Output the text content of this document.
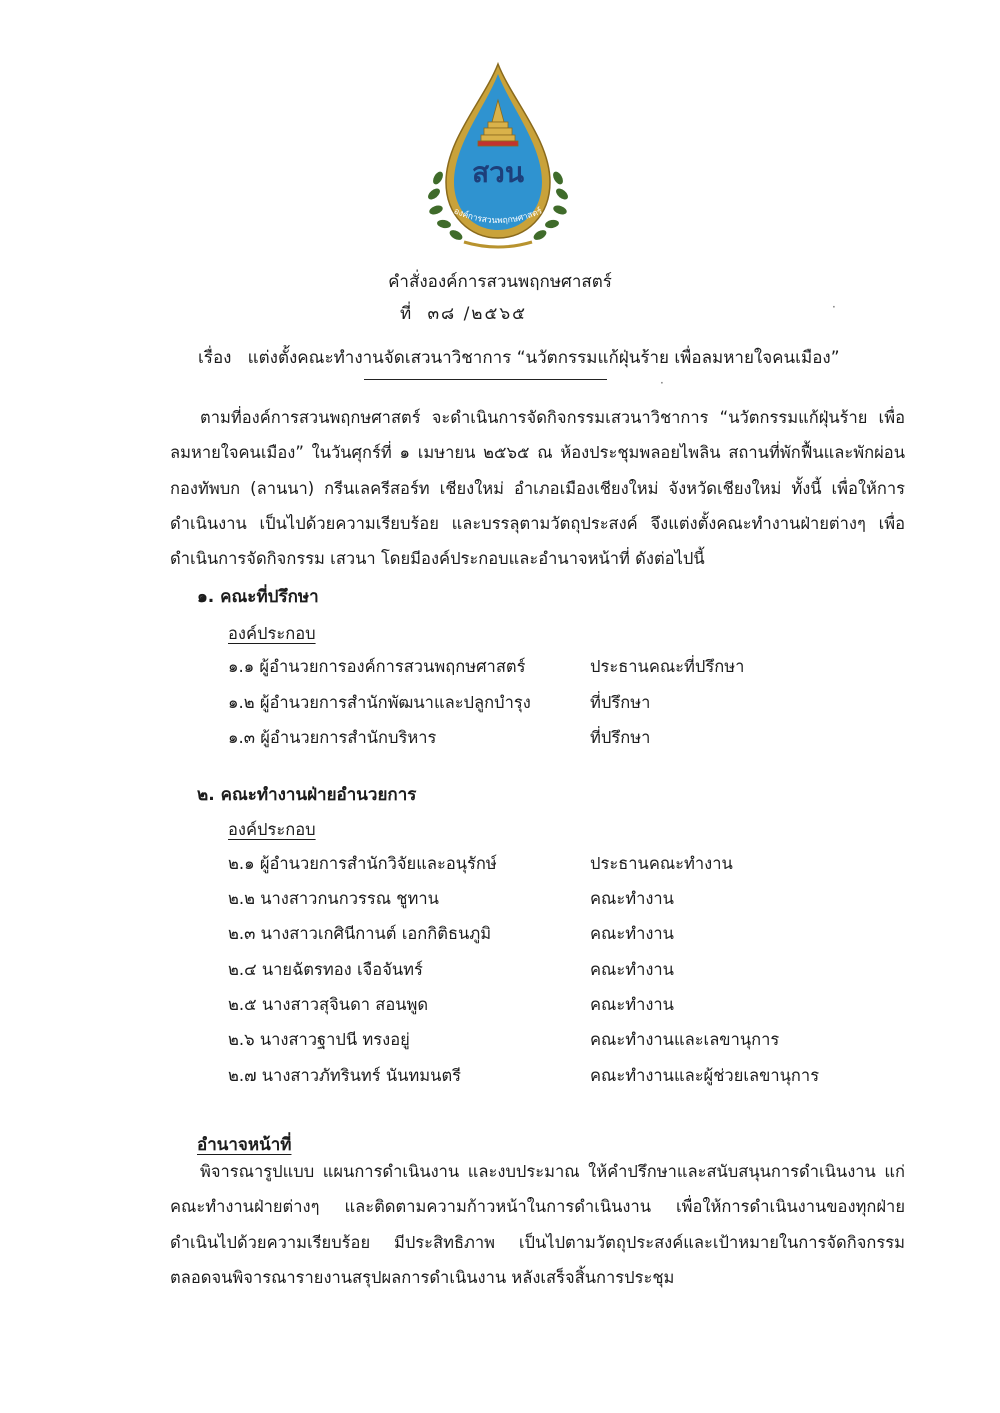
สวน
องค์การสวนพฤกษศาสตร์
คำสั่งองค์การสวนพฤกษศาสตร์
ที่ ๓๘ /๒๕๖๕
เรื่อง แต่งตั้งคณะทำงานจัดเสวนาวิชาการ “นวัตกรรมแก้ฝุ่นร้าย เพื่อลมหายใจคนเมือง”
·
·
ตามที่องค์การสวนพฤกษศาสตร์ จะดำเนินการจัดกิจกรรมเสวนาวิชาการ “นวัตกรรมแก้ฝุ่นร้าย เพื่อลมหายใจคนเมือง” ในวันศุกร์ที่ ๑ เมษายน ๒๕๖๕ ณ ห้องประชุมพลอยไพลิน สถานที่พักฟื้นและพักผ่อน กองทัพบก (ลานนา) กรีนเลครีสอร์ท เชียงใหม่ อำเภอเมืองเชียงใหม่ จังหวัดเชียงใหม่ ทั้งนี้ เพื่อให้การดำเนินงาน เป็นไปด้วยความเรียบร้อย และบรรลุตามวัตถุประสงค์ จึงแต่งตั้งคณะทำงานฝ่ายต่างๆ เพื่อดำเนินการจัดกิจกรรม เสวนา โดยมีองค์ประกอบและอำนาจหน้าที่ ดังต่อไปนี้
๑. คณะที่ปรึกษา
องค์ประกอบ
๑.๑ ผู้อำนวยการองค์การสวนพฤกษศาสตร์	ประธานคณะที่ปรึกษา
๑.๒ ผู้อำนวยการสำนักพัฒนาและปลูกบำรุง	ที่ปรึกษา
๑.๓ ผู้อำนวยการสำนักบริหาร	ที่ปรึกษา
๒. คณะทำงานฝ่ายอำนวยการ
องค์ประกอบ
๒.๑ ผู้อำนวยการสำนักวิจัยและอนุรักษ์	ประธานคณะทำงาน
๒.๒ นางสาวกนกวรรณ ชูทาน	คณะทำงาน
๒.๓ นางสาวเกศินีกานต์ เอกกิติธนภูมิ	คณะทำงาน
๒.๔ นายฉัตรทอง เจือจันทร์	คณะทำงาน
๒.๕ นางสาวสุจินดา สอนพูด	คณะทำงาน
๒.๖ นางสาวฐาปนี ทรงอยู่	คณะทำงานและเลขานุการ
๒.๗ นางสาวภัทรินทร์ นันทมนตรี	คณะทำงานและผู้ช่วยเลขานุการ
อำนาจหน้าที่
พิจารณารูปแบบ แผนการดำเนินงาน และงบประมาณ ให้คำปรึกษาและสนับสนุนการดำเนินงาน แก่คณะทำงานฝ่ายต่างๆ และติดตามความก้าวหน้าในการดำเนินงาน เพื่อให้การดำเนินงานของทุกฝ่าย ดำเนินไปด้วยความเรียบร้อย มีประสิทธิภาพ เป็นไปตามวัตถุประสงค์และเป้าหมายในการจัดกิจกรรม ตลอดจนพิจารณารายงานสรุปผลการดำเนินงาน หลังเสร็จสิ้นการประชุม
